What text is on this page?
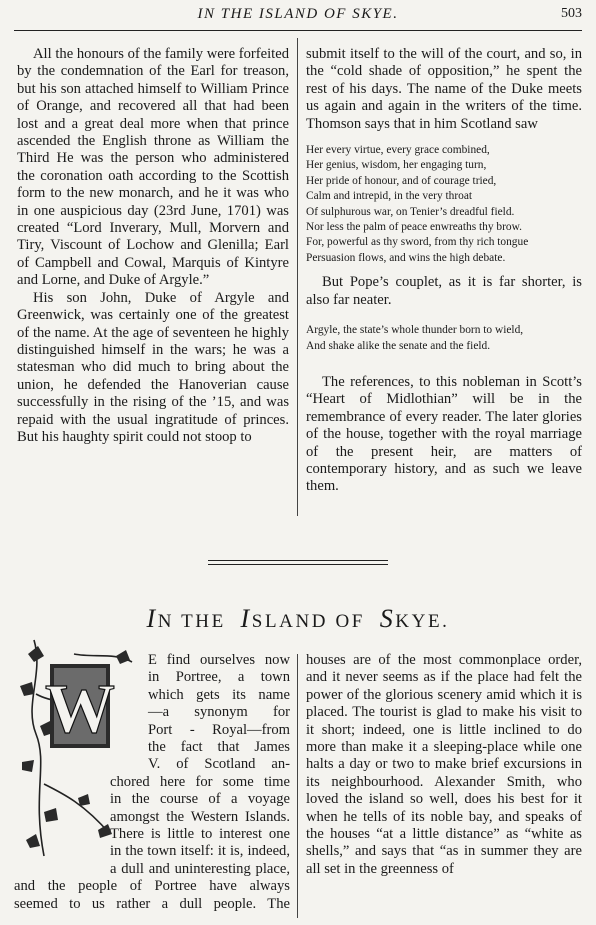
IN THE ISLAND OF SKYE.	503

All the honours of the family were forfeited by the condemnation of the Earl for treason, but his son attached himself to William Prince of Orange, and recovered all that had been lost and a great deal more when that prince ascended the English throne as William the Third He was the person who administered the coronation oath according to the Scottish form to the new monarch, and he it was who in one auspicious day (23rd June, 1701) was created “Lord Inverary, Mull, Morvern and Tiry, Viscount of Lochow and Glenilla; Earl of Campbell and Cowal, Marquis of Kintyre and Lorne, and Duke of Argyle.”

His son John, Duke of Argyle and Greenwick, was certainly one of the greatest of the name. At the age of seventeen he highly distinguished himself in the wars; he was a statesman who did much to bring about the union, he defended the Hanoverian cause successfully in the rising of the ’15, and was repaid with the usual ingratitude of princes. But his haughty spirit could not stoop to

submit itself to the will of the court, and so, in the “cold shade of opposition,” he spent the rest of his days. The name of the Duke meets us again and again in the writers of the time. Thomson says that in him Scotland saw

Her every virtue, every grace combined,
Her genius, wisdom, her engaging turn,
Her pride of honour, and of courage tried,
Calm and intrepid, in the very throat
Of sulphurous war, on Tenier’s dreadful field.
Nor less the palm of peace enwreaths thy brow.
For, powerful as thy sword, from thy rich tongue
Persuasion flows, and wins the high debate.

But Pope’s couplet, as it is far shorter, is also far neater.

Argyle, the state’s whole thunder born to wield,
And shake alike the senate and the field.

The references, to this nobleman in Scott’s “Heart of Midlothian” will be in the remembrance of every reader. The later glories of the house, together with the royal marriage of the present heir, are matters of contemporary history, and as such we leave them.

IN THE ISLAND OF SKYE.
W
E find ourselves now
in Portree, a town
which gets its name
—a synonym for
Port - Royal—from
the fact that James
V. of Scotland an-
chored here for some time
in the course of a voyage
amongst the Western Islands.
There is little to interest one
in the town itself: it is, indeed,
a dull and uninteresting place,
and the people of Portree have always
seemed to us rather a dull people. The

houses are of the most commonplace order, and it never seems as if the place had felt the power of the glorious scenery amid which it is placed. The tourist is glad to make his visit to it short; indeed, one is little inclined to do more than make it a sleeping-place while one halts a day or two to make brief excursions in its neighbourhood. Alexander Smith, who loved the island so well, does his best for it when he tells of its noble bay, and speaks of the houses “at a little distance” as “white as shells,” and says that “as in summer they are all set in the greenness of
